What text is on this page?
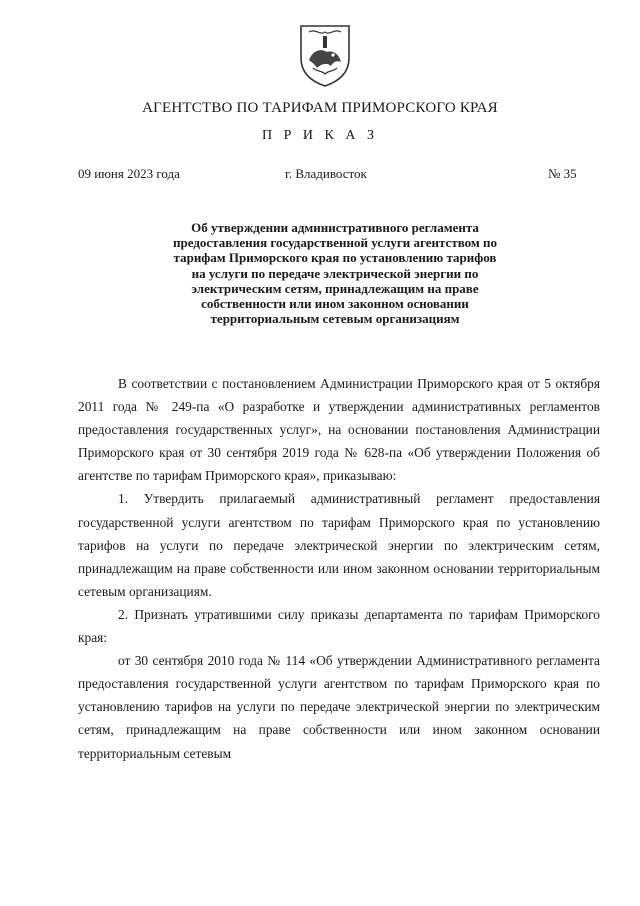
АГЕНТСТВО ПО ТАРИФАМ ПРИМОРСКОГО КРАЯ
П Р И К А З
09 июня 2023 года	г. Владивосток	№ 35
Об утверждении административного регламента
предоставления государственной услуги агентством по
тарифам Приморского края по установлению тарифов
на услуги по передаче электрической энергии по
электрическим сетям, принадлежащим на праве
собственности или ином законном основании
территориальным сетевым организациям

В соответствии с постановлением Администрации Приморского края от 5 октября 2011 года № 249-па «О разработке и утверждении административных регламентов предоставления государственных услуг», на основании постановления Администрации Приморского края от 30 сентября 2019 года № 628-па «Об утверждении Положения об агентстве по тарифам Приморского края», приказываю:

1. Утвердить прилагаемый административный регламент предоставления государственной услуги агентством по тарифам Приморского края по установлению тарифов на услуги по передаче электрической энергии по электрическим сетям, принадлежащим на праве собственности или ином законном основании территориальным сетевым организациям.

2. Признать утратившими силу приказы департамента по тарифам Приморского края:

от 30 сентября 2010 года № 114 «Об утверждении Административного регламента предоставления государственной услуги агентством по тарифам Приморского края по установлению тарифов на услуги по передаче электрической энергии по электрическим сетям, принадлежащим на праве собственности или ином законном основании территориальным сетевым
